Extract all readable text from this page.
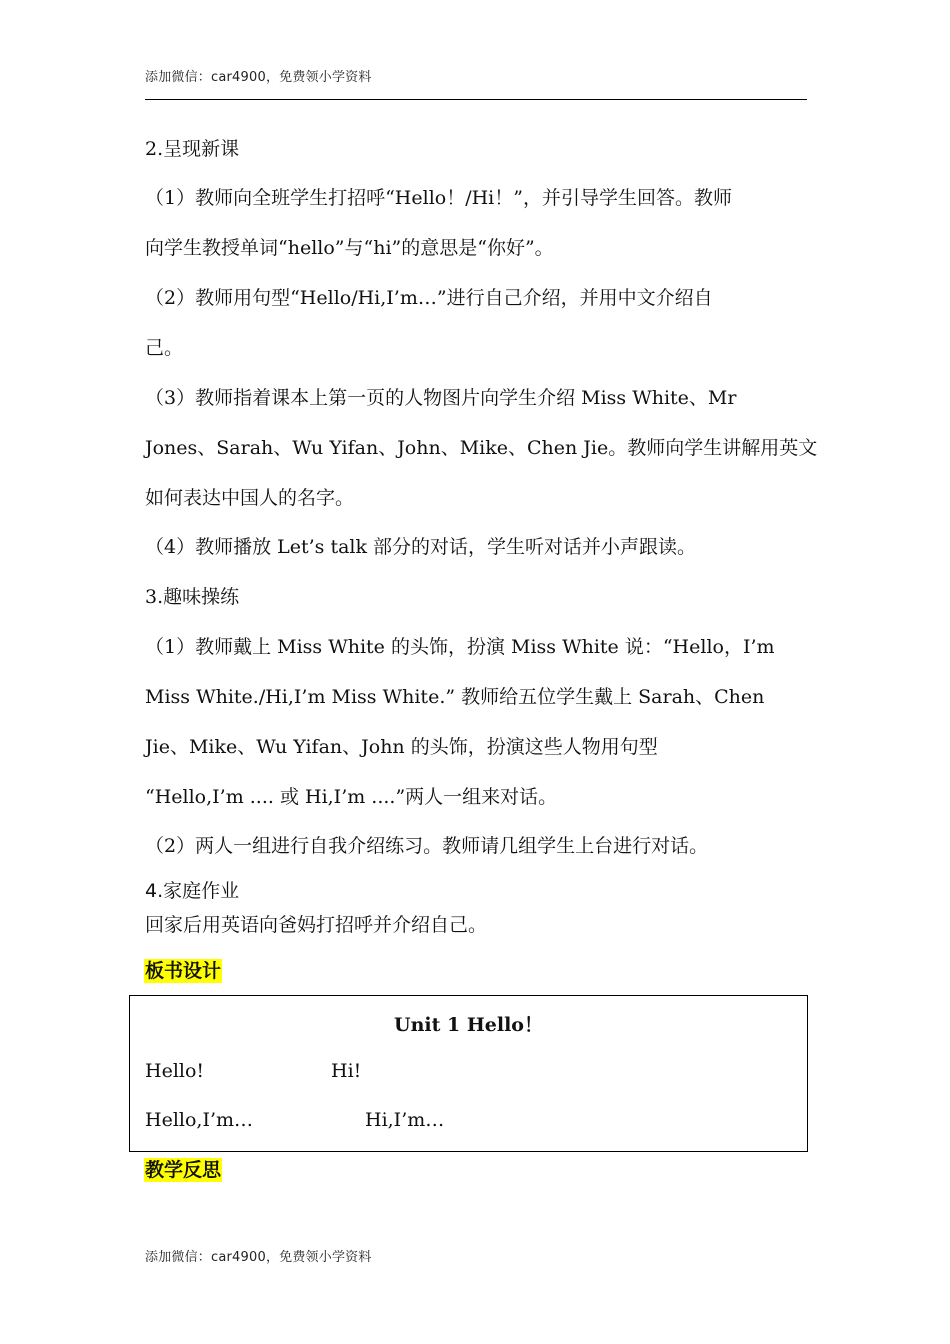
添加微信：car4900，免费领小学资料
2.呈现新课
（1）教师向全班学生打招呼“Hello！/Hi！”，并引导学生回答。教师
向学生教授单词“hello”与“hi”的意思是“你好”。
（2）教师用句型“Hello/Hi,I’m…”进行自己介绍，并用中文介绍自
己。
（3）教师指着课本上第一页的人物图片向学生介绍 Miss White、Mr
Jones、Sarah、Wu Yifan、John、Mike、Chen Jie。教师向学生讲解用英文
如何表达中国人的名字。
（4）教师播放 Let’s talk 部分的对话，学生听对话并小声跟读。
3.趣味操练
（1）教师戴上 Miss White 的头饰，扮演 Miss White 说：“Hello，I’m
Miss White./Hi,I’m Miss White.” 教师给五位学生戴上 Sarah、Chen
Jie、Mike、Wu Yifan、John 的头饰，扮演这些人物用句型
“Hello,I’m .... 或 Hi,I’m ....”两人一组来对话。
（2）两人一组进行自我介绍练习。教师请几组学生上台进行对话。
4.家庭作业
回家后用英语向爸妈打招呼并介绍自己。
板书设计
Unit 1 Hello！
Hello!	Hi!
Hello,I’m…	Hi,I’m…
教学反思
添加微信：car4900，免费领小学资料
